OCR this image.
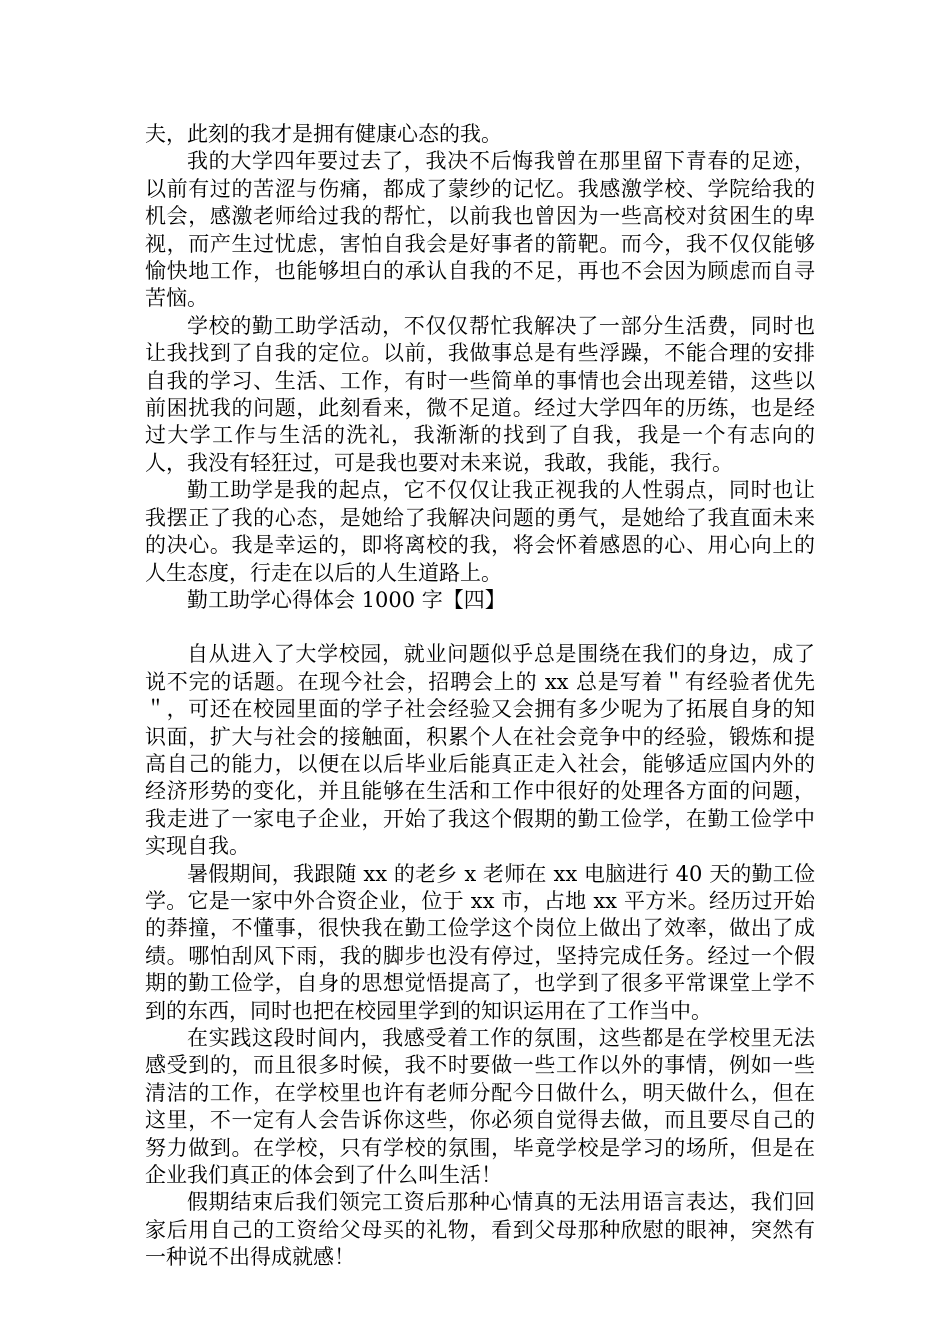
夫，此刻的我才是拥有健康心态的我。

我的大学四年要过去了，我决不后悔我曾在那里留下青春的足迹，以前有过的苦涩与伤痛，都成了蒙纱的记忆。我感激学校、学院给我的机会，感激老师给过我的帮忙，以前我也曾因为一些高校对贫困生的卑视，而产生过忧虑，害怕自我会是好事者的箭靶。而今，我不仅仅能够愉快地工作，也能够坦白的承认自我的不足，再也不会因为顾虑而自寻苦恼。

学校的勤工助学活动，不仅仅帮忙我解决了一部分生活费，同时也让我找到了自我的定位。以前，我做事总是有些浮躁，不能合理的安排自我的学习、生活、工作，有时一些简单的事情也会出现差错，这些以前困扰我的问题，此刻看来，微不足道。经过大学四年的历练，也是经过大学工作与生活的洗礼，我渐渐的找到了自我，我是一个有志向的人，我没有轻狂过，可是我也要对未来说，我敢，我能，我行。

勤工助学是我的起点，它不仅仅让我正视我的人性弱点，同时也让我摆正了我的心态，是她给了我解决问题的勇气，是她给了我直面未来的决心。我是幸运的，即将离校的我，将会怀着感恩的心、用心向上的人生态度，行走在以后的人生道路上。

勤工助学心得体会 1000 字【四】

自从进入了大学校园，就业问题似乎总是围绕在我们的身边，成了说不完的话题。在现今社会，招聘会上的 xx 总是写着＂有经验者优先＂，可还在校园里面的学子社会经验又会拥有多少呢为了拓展自身的知识面，扩大与社会的接触面，积累个人在社会竞争中的经验，锻炼和提高自己的能力，以便在以后毕业后能真正走入社会，能够适应国内外的经济形势的变化，并且能够在生活和工作中很好的处理各方面的问题，我走进了一家电子企业，开始了我这个假期的勤工俭学，在勤工俭学中实现自我。

暑假期间，我跟随 xx 的老乡 x 老师在 xx 电脑进行 40 天的勤工俭学。它是一家中外合资企业，位于 xx 市，占地 xx 平方米。经历过开始的莽撞，不懂事，很快我在勤工俭学这个岗位上做出了效率，做出了成绩。哪怕刮风下雨，我的脚步也没有停过，坚持完成任务。经过一个假期的勤工俭学，自身的思想觉悟提高了，也学到了很多平常课堂上学不到的东西，同时也把在校园里学到的知识运用在了工作当中。

在实践这段时间内，我感受着工作的氛围，这些都是在学校里无法感受到的，而且很多时候，我不时要做一些工作以外的事情，例如一些清洁的工作，在学校里也许有老师分配今日做什么，明天做什么，但在这里，不一定有人会告诉你这些，你必须自觉得去做，而且要尽自己的努力做到。在学校，只有学校的氛围，毕竟学校是学习的场所，但是在企业我们真正的体会到了什么叫生活！

假期结束后我们领完工资后那种心情真的无法用语言表达，我们回家后用自己的工资给父母买的礼物，看到父母那种欣慰的眼神，突然有一种说不出得成就感！
